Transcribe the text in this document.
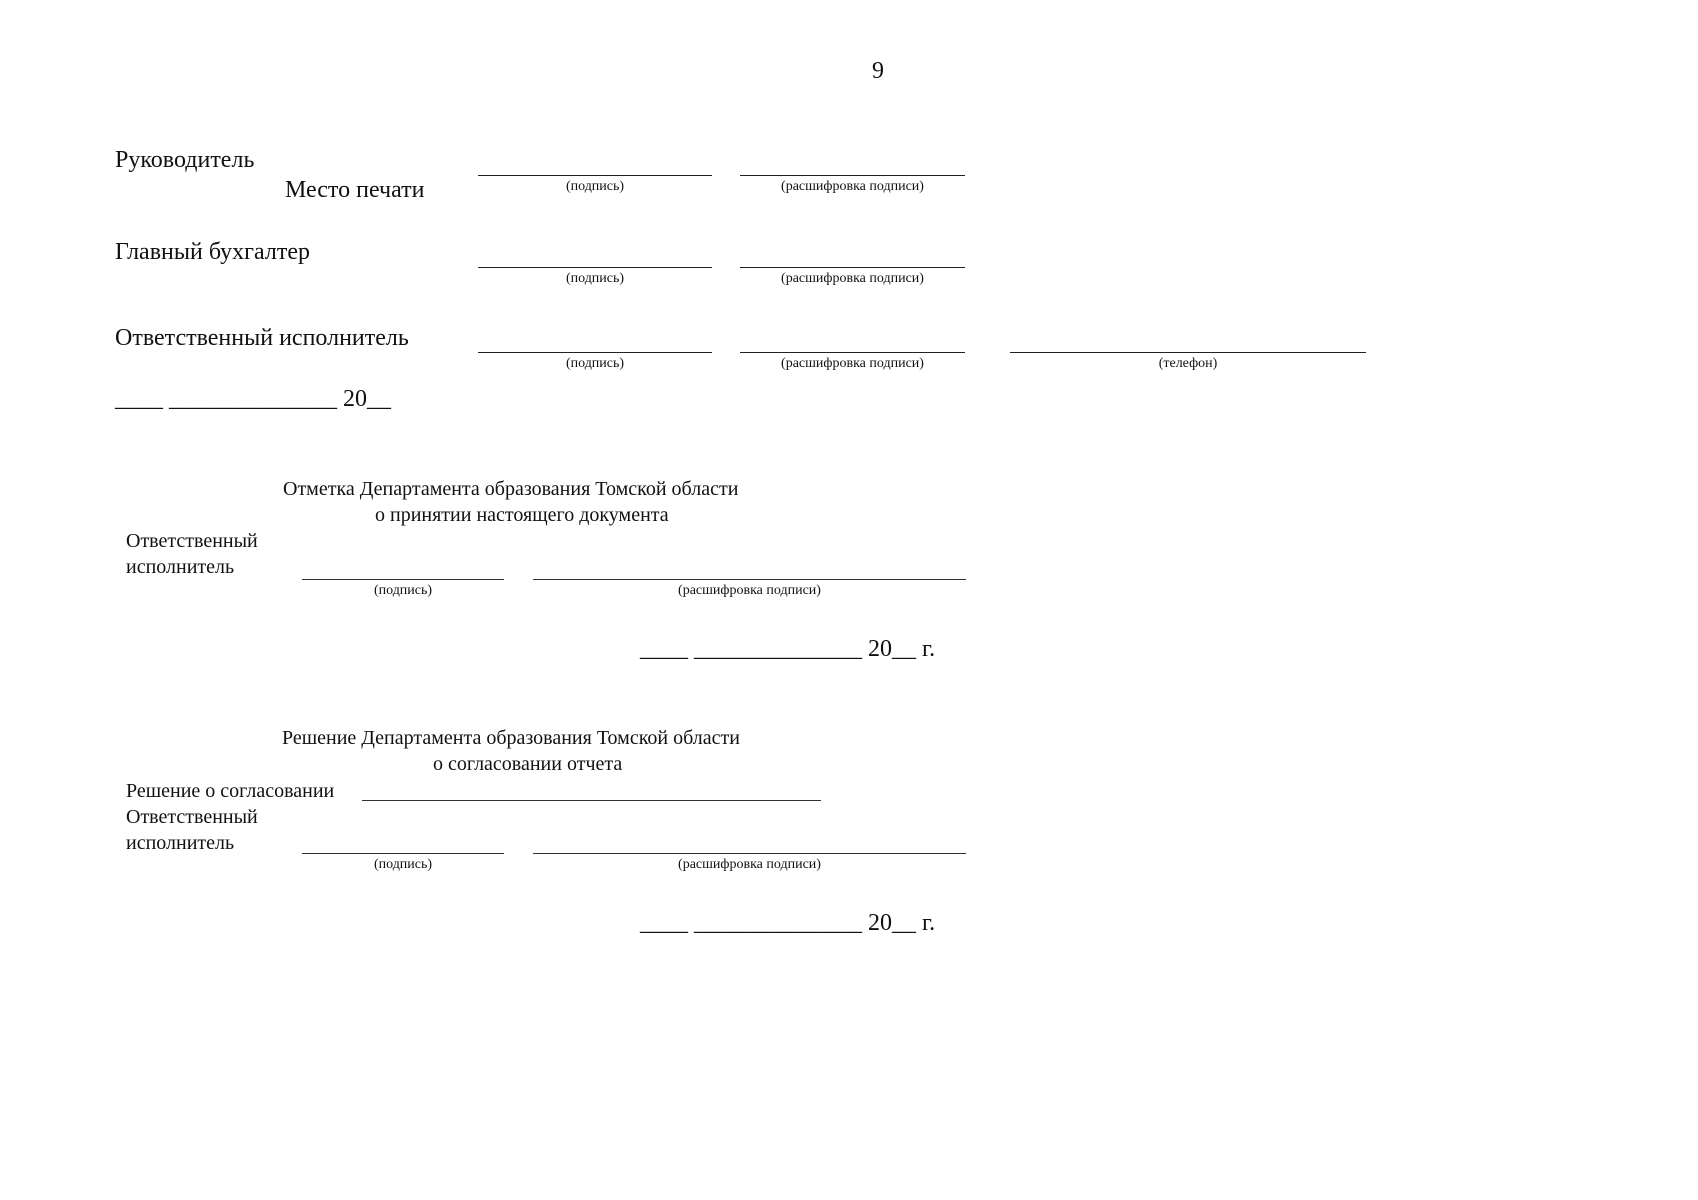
9
Руководитель
Место печати	(подпись)	(расшифровка подписи)
Главный бухгалтер
(подпись)	(расшифровка подписи)
Ответственный исполнитель
(подпись)	(расшифровка подписи)	(телефон)
____ ______________ 20__
Отметка Департамента образования Томской области
о принятии настоящего документа
Ответственный
исполнитель
(подпись)	(расшифровка подписи)
____ ______________ 20__ г.
Решение Департамента образования Томской области
о согласовании отчета
Решение о согласовании
Ответственный
исполнитель
(подпись)	(расшифровка подписи)
____ ______________ 20__ г.
